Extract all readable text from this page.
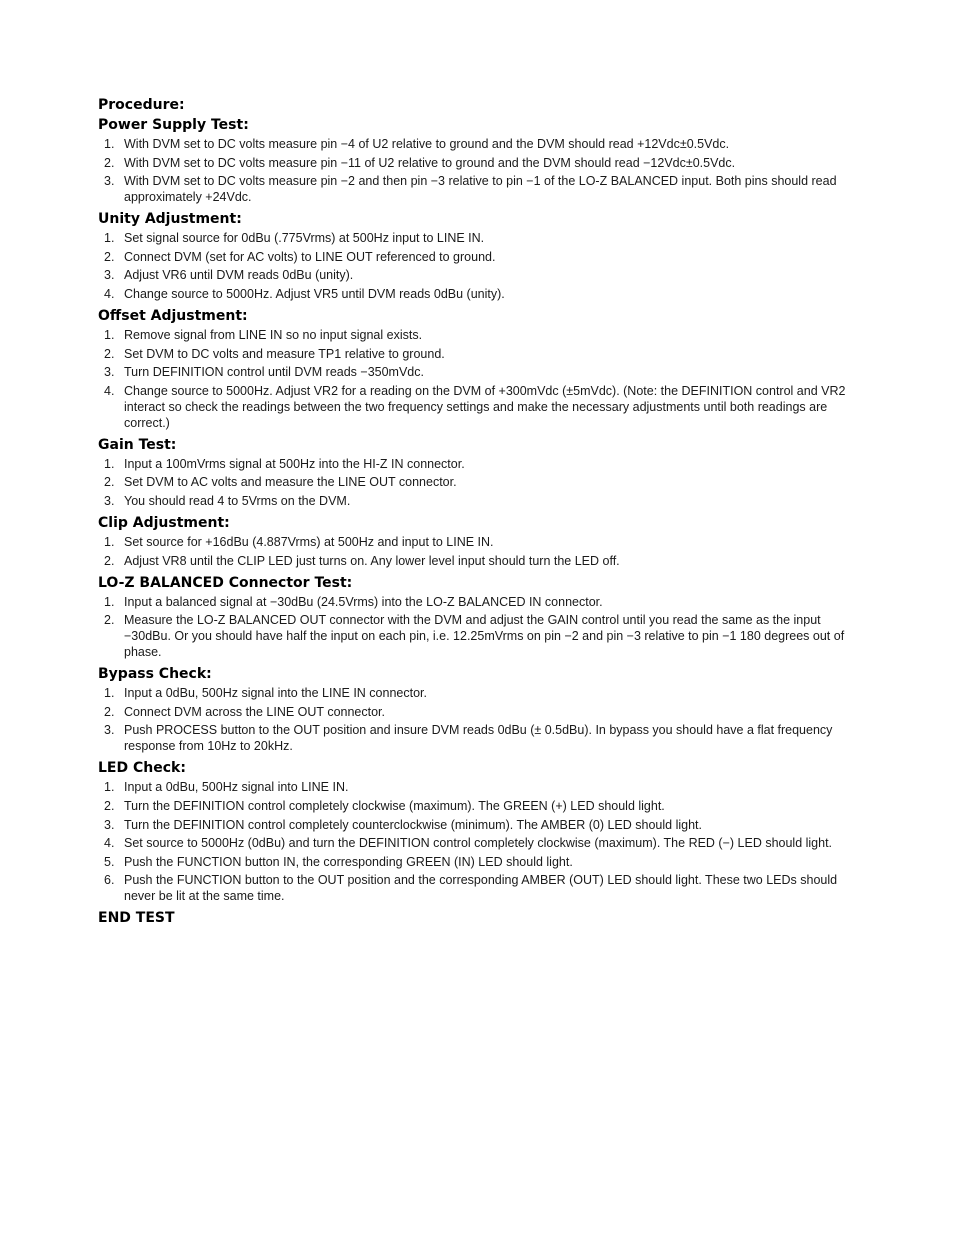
Procedure:
Power Supply Test:
1. With DVM set to DC volts measure pin −4 of U2 relative to ground and the DVM should read +12Vdc±0.5Vdc.
2. With DVM set to DC volts measure pin −11 of U2 relative to ground and the DVM should read −12Vdc±0.5Vdc.
3. With DVM set to DC volts measure pin −2 and then pin −3 relative to pin −1 of the LO-Z BALANCED input. Both pins should read approximately +24Vdc.
Unity Adjustment:
1. Set signal source for 0dBu (.775Vrms) at 500Hz input to LINE IN.
2. Connect DVM (set for AC volts) to LINE OUT referenced to ground.
3. Adjust VR6 until DVM reads 0dBu (unity).
4. Change source to 5000Hz. Adjust VR5 until DVM reads 0dBu (unity).
Offset Adjustment:
1. Remove signal from LINE IN so no input signal exists.
2. Set DVM to DC volts and measure TP1 relative to ground.
3. Turn DEFINITION control until DVM reads −350mVdc.
4. Change source to 5000Hz. Adjust VR2 for a reading on the DVM of +300mVdc (±5mVdc). (Note: the DEFINITION control and VR2 interact so check the readings between the two frequency settings and make the necessary adjustments until both readings are correct.)
Gain Test:
1. Input a 100mVrms signal at 500Hz into the HI-Z IN connector.
2. Set DVM to AC volts and measure the LINE OUT connector.
3. You should read 4 to 5Vrms on the DVM.
Clip Adjustment:
1. Set source for +16dBu (4.887Vrms) at 500Hz and input to LINE IN.
2. Adjust VR8 until the CLIP LED just turns on. Any lower level input should turn the LED off.
LO-Z BALANCED Connector Test:
1. Input a balanced signal at −30dBu (24.5Vrms) into the LO-Z BALANCED IN connector.
2. Measure the LO-Z BALANCED OUT connector with the DVM and adjust the GAIN control until you read the same as the input −30dBu. Or you should have half the input on each pin, i.e. 12.25mVrms on pin −2 and pin −3 relative to pin −1 180 degrees out of phase.
Bypass Check:
1. Input a 0dBu, 500Hz signal into the LINE IN connector.
2. Connect DVM across the LINE OUT connector.
3. Push PROCESS button to the OUT position and insure DVM reads 0dBu (± 0.5dBu). In bypass you should have a flat frequency response from 10Hz to 20kHz.
LED Check:
1. Input a 0dBu, 500Hz signal into LINE IN.
2. Turn the DEFINITION control completely clockwise (maximum). The GREEN (+) LED should light.
3. Turn the DEFINITION control completely counterclockwise (minimum). The AMBER (0) LED should light.
4. Set source to 5000Hz (0dBu) and turn the DEFINITION control completely clockwise (maximum). The RED (−) LED should light.
5. Push the FUNCTION button IN, the corresponding GREEN (IN) LED should light.
6. Push the FUNCTION button to the OUT position and the corresponding AMBER (OUT) LED should light. These two LEDs should never be lit at the same time.
END TEST
